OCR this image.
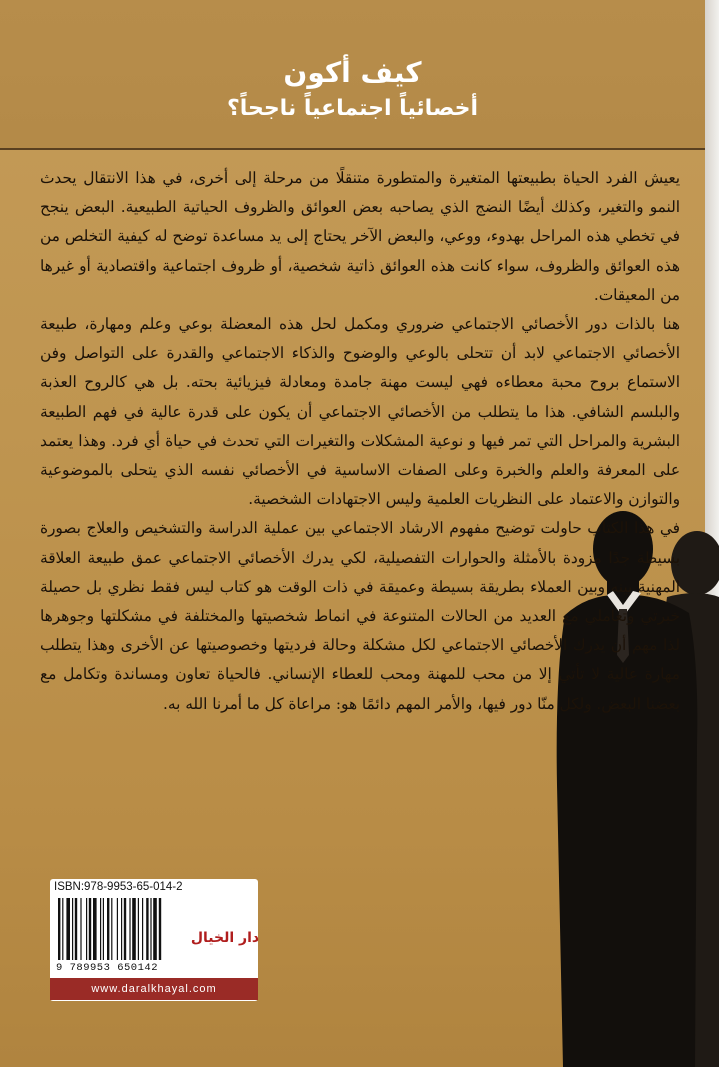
كيف أكون
أخصائياً اجتماعياً ناجحاً؟

يعيش الفرد الحياة بطبيعتها المتغيرة والمتطورة متنقلًا من مرحلة إلى أخرى، في هذا الانتقال يحدث النمو والتغير، وكذلك أيضًا النضج الذي يصاحبه بعض العوائق والظروف الحياتية الطبيعية. البعض ينجح في تخطي هذه المراحل بهدوء، ووعي، والبعض الآخر يحتاج إلى يد مساعدة توضح له كيفية التخلص من هذه العوائق والظروف، سواء كانت هذه العوائق ذاتية شخصية، أو ظروف اجتماعية واقتصادية أو غيرها من المعيقات.

هنا بالذات دور الأخصائي الاجتماعي ضروري ومكمل لحل هذه المعضلة بوعي وعلم ومهارة، طبيعة الأخصائي الاجتماعي لابد أن تتحلى بالوعي والوضوح والذكاء الاجتماعي والقدرة على التواصل وفن الاستماع بروح محبة معطاءه فهي ليست مهنة جامدة ومعادلة فيزيائية بحته. بل هي كالروح العذبة والبلسم الشافي. هذا ما يتطلب من الأخصائي الاجتماعي أن يكون على قدرة عالية في فهم الطبيعة البشرية والمراحل التي تمر فيها و نوعية المشكلات والتغيرات التي تحدث في حياة أي فرد. وهذا يعتمد على المعرفة والعلم والخبرة وعلى الصفات الاساسية في الأخصائي نفسه الذي يتحلى بالموضوعية والتوازن والاعتماد على النظريات العلمية وليس الاجتهادات الشخصية.

في هذا الكتاب حاولت توضيح مفهوم الارشاد الاجتماعي بين عملية الدراسة والتشخيص والعلاج بصورة بسيطة جدًا مزودة بالأمثلة والحوارات التفصيلية، لكي يدرك الأخصائي الاجتماعي عمق طبيعة العلاقة المهنية بينه وبين العملاء بطريقة بسيطة وعميقة في ذات الوقت هو كتاب ليس فقط نظري بل حصيلة خبرتي وتعاملي مع العديد من الحالات المتنوعة في انماط شخصيتها والمختلفة في مشكلتها وجوهرها لذا مهم أن يدرك الأخصائي الاجتماعي لكل مشكلة وحالة فرديتها وخصوصيتها عن الأخرى وهذا يتطلب مهارة عالية لا تأتي إلا من محب للمهنة ومحب للعطاء الإنساني. فالحياة تعاون ومساندة وتكامل مع بعضنا البعض. ولكل منّا دور فيها، والأمر المهم دائمًا هو: مراعاة كل ما أمرنا الله به.

ISBN:978-9953-65-014-2
9 789953 650142
دار الخيال
www.daralkhayal.com
